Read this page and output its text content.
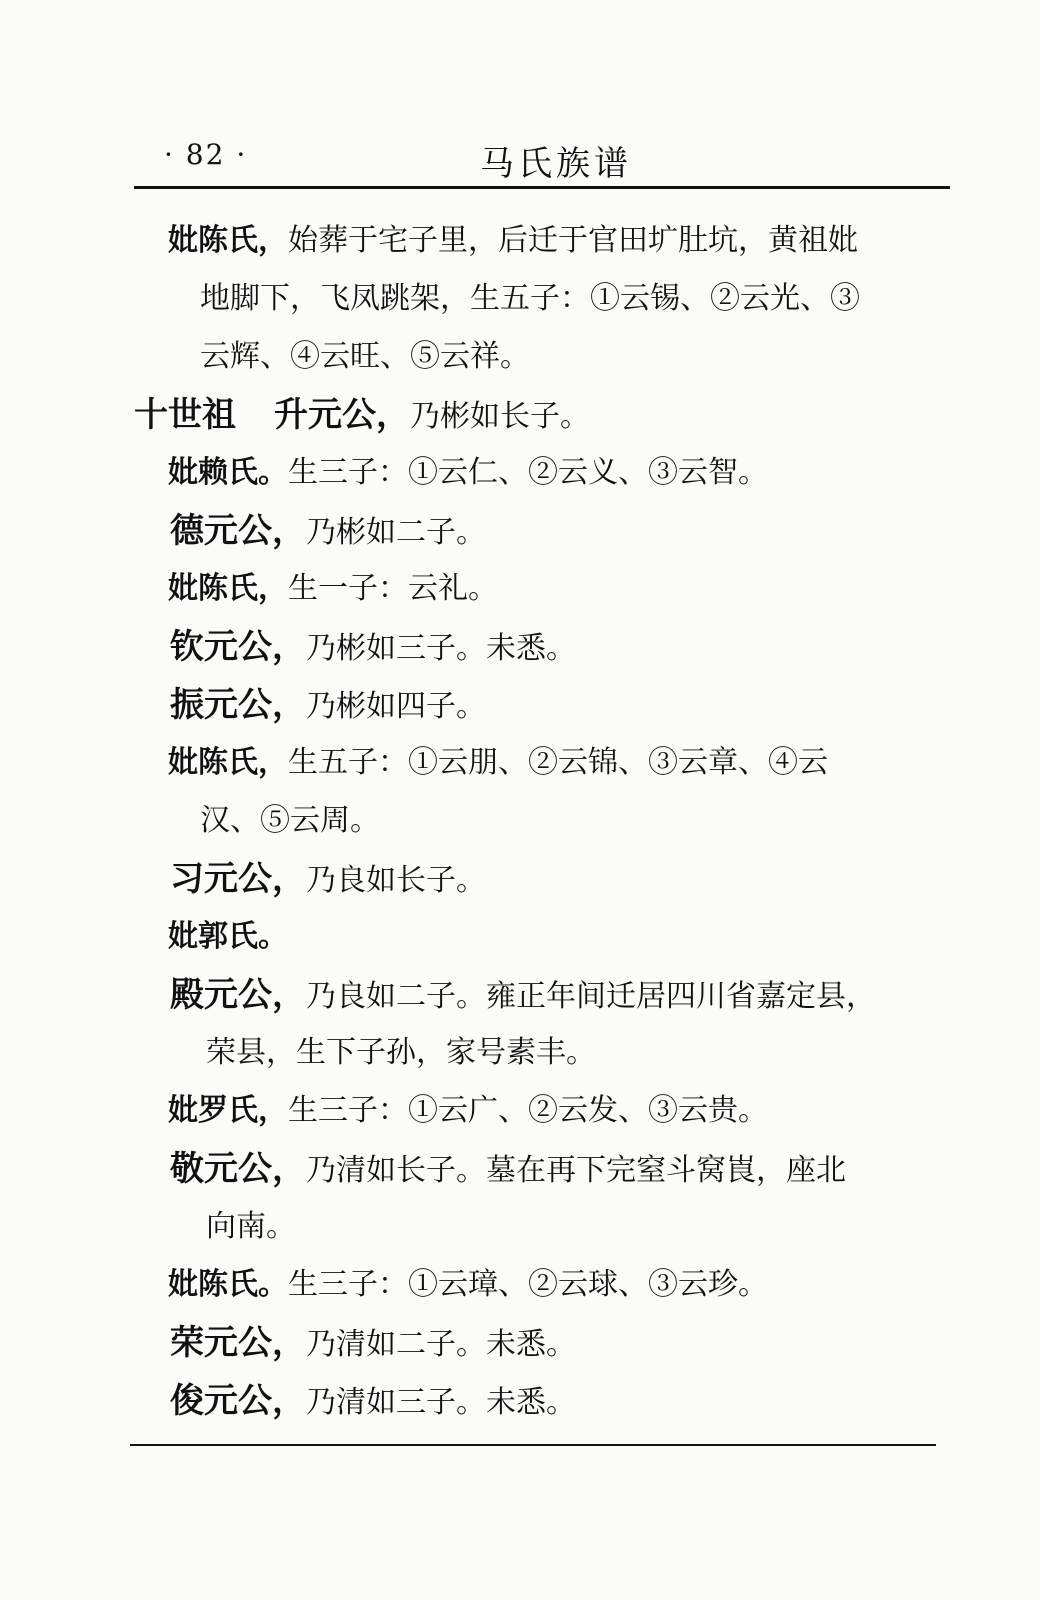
· 82 ·	马氏族谱
妣陈氏，始葬于宅子里，后迁于官田圹肚坑，黄祖妣
地脚下，飞凤跳架，生五子：①云锡、②云光、③
云辉、④云旺、⑤云祥。
十世祖 升元公，乃彬如长子。
妣赖氏。生三子：①云仁、②云义、③云智。
德元公，乃彬如二子。
妣陈氏，生一子：云礼。
钦元公，乃彬如三子。未悉。
振元公，乃彬如四子。
妣陈氏，生五子：①云朋、②云锦、③云章、④云
汉、⑤云周。
习元公，乃良如长子。
妣郭氏。
殿元公，乃良如二子。雍正年间迁居四川省嘉定县，
荣县，生下子孙，家号素丰。
妣罗氏，生三子：①云广、②云发、③云贵。
敬元公，乃清如长子。墓在再下完窒斗窝崀，座北
向南。
妣陈氏。生三子：①云璋、②云球、③云珍。
荣元公，乃清如二子。未悉。
俊元公，乃清如三子。未悉。
